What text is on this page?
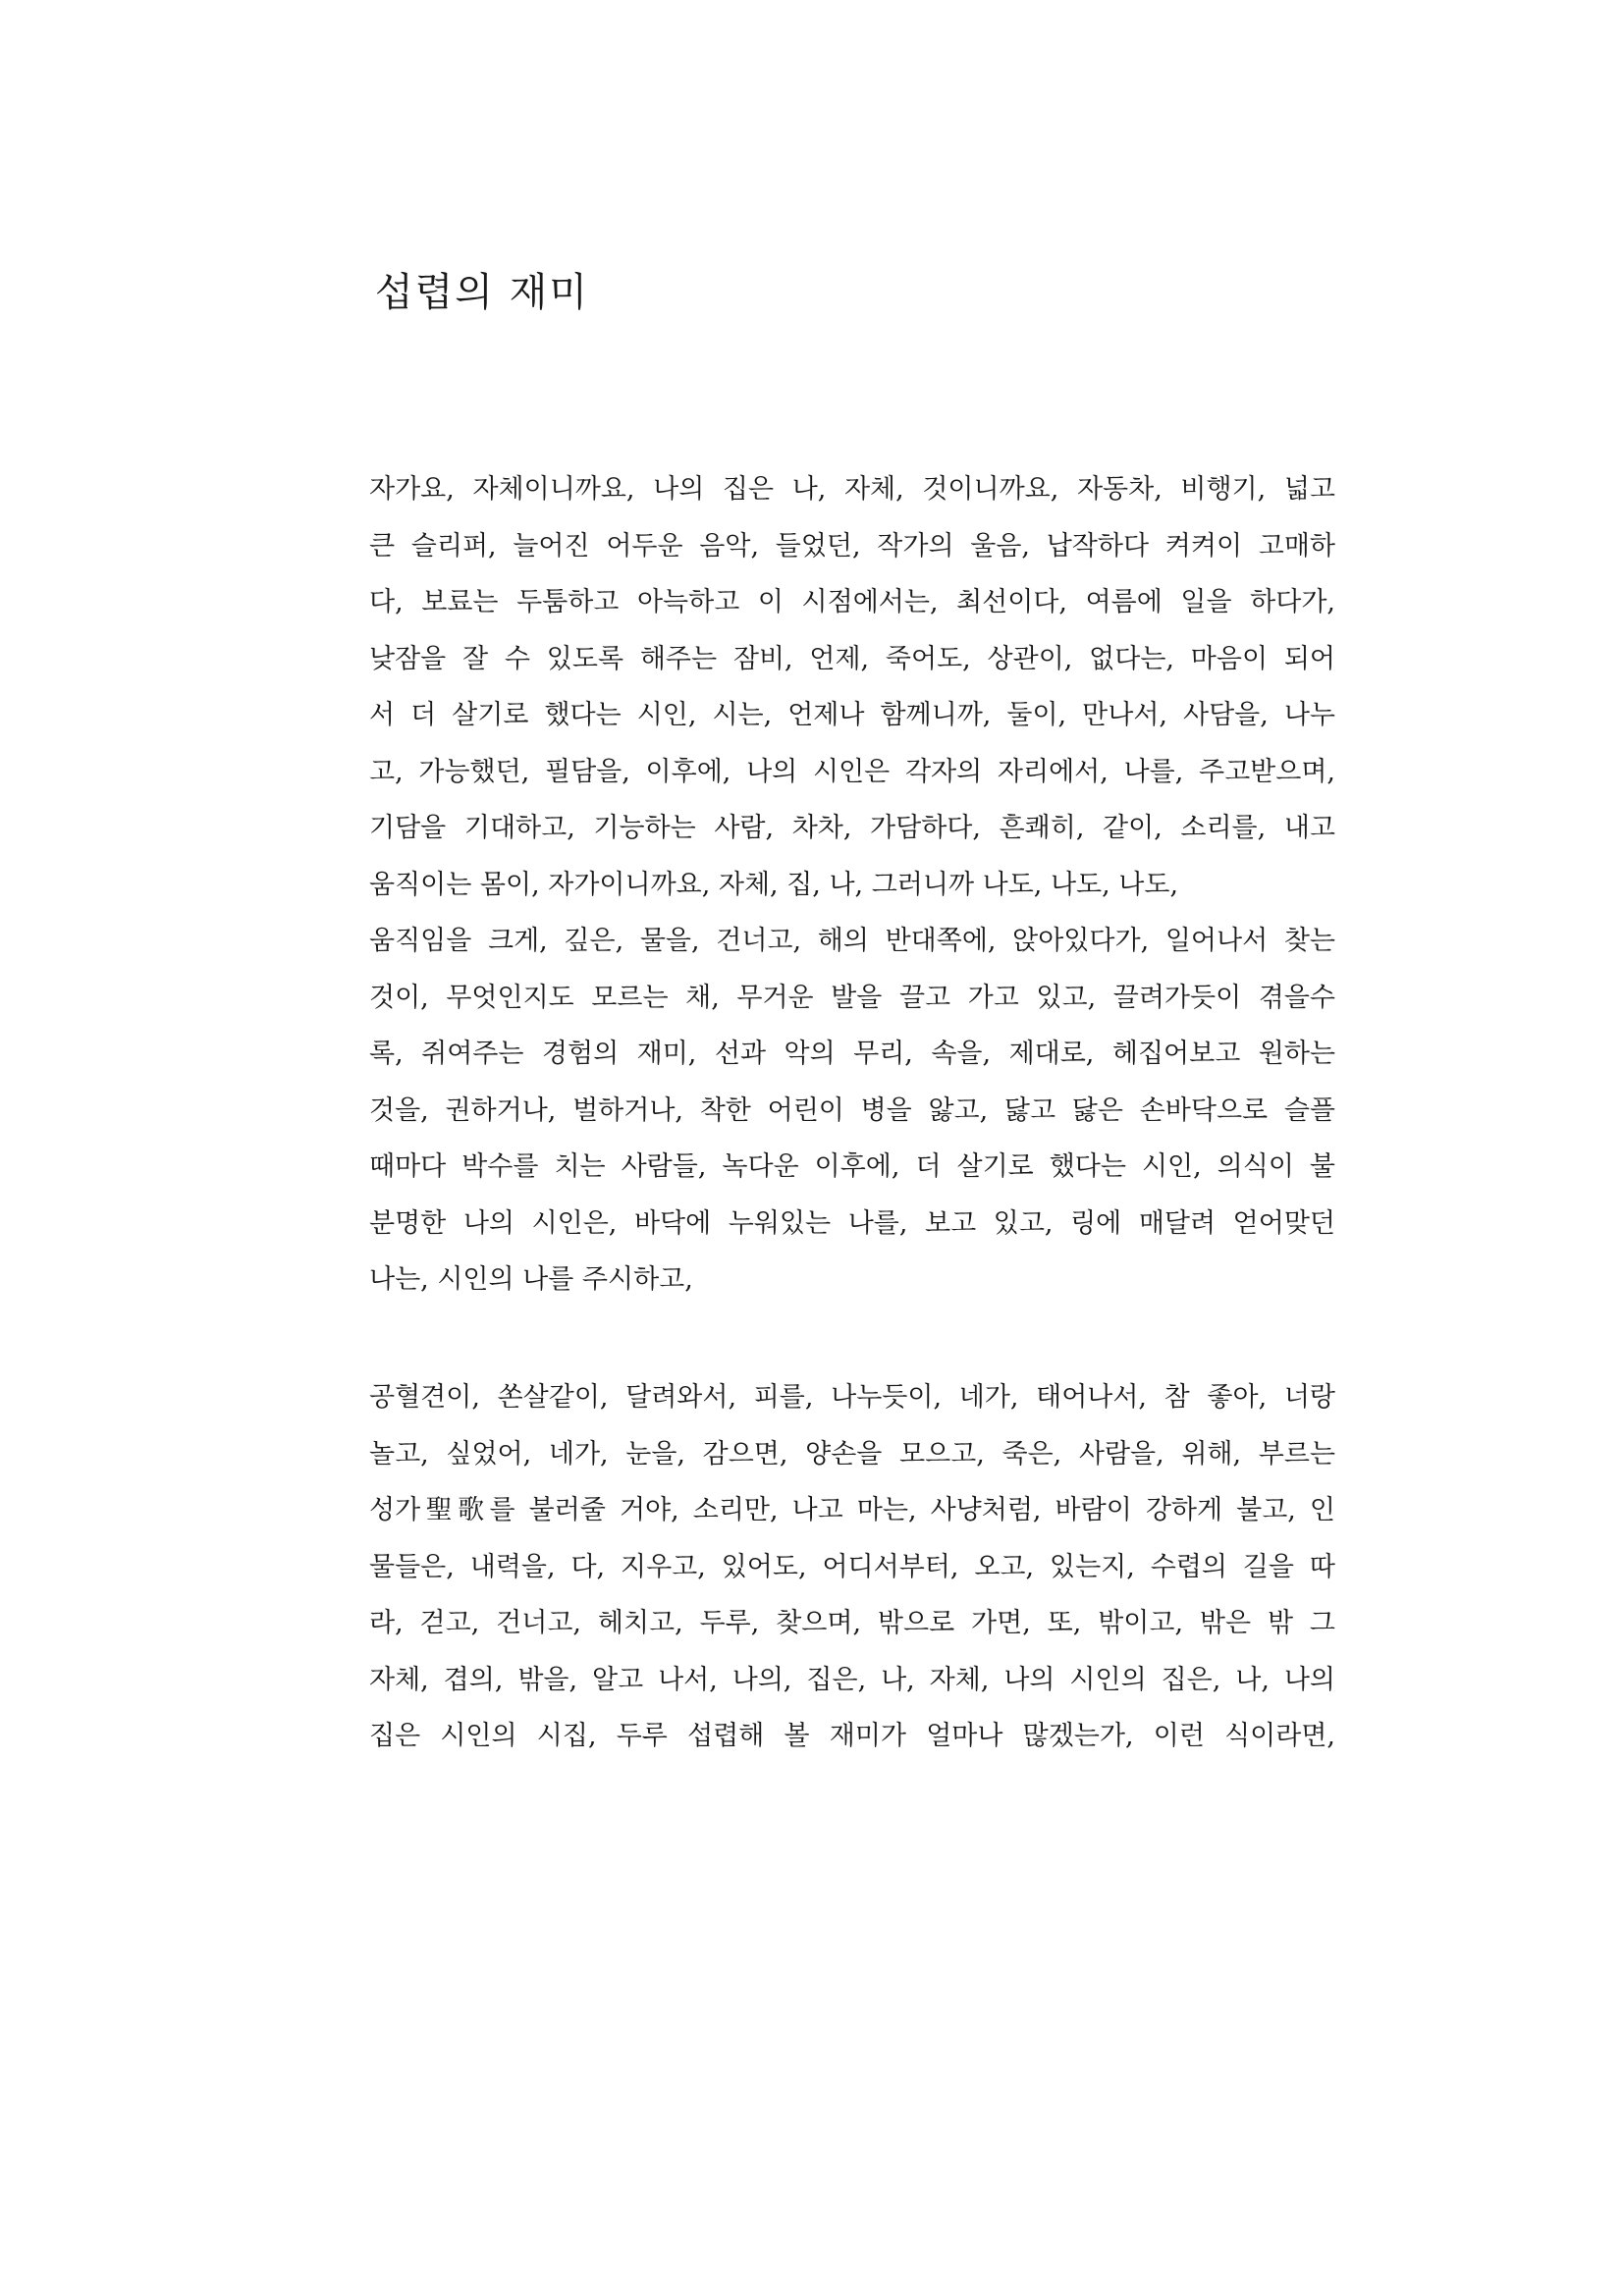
섭렵의 재미
자가요, 자체이니까요, 나의 집은 나, 자체, 것이니까요, 자동차, 비행기, 넓고
큰 슬리퍼, 늘어진 어두운 음악, 들었던, 작가의 울음, 납작하다 켜켜이 고매하
다, 보료는 두툼하고 아늑하고 이 시점에서는, 최선이다, 여름에 일을 하다가,
낮잠을 잘 수 있도록 해주는 잠비, 언제, 죽어도, 상관이, 없다는, 마음이 되어
서 더 살기로 했다는 시인, 시는, 언제나 함께니까, 둘이, 만나서, 사담을, 나누
고, 가능했던, 필담을, 이후에, 나의 시인은 각자의 자리에서, 나를, 주고받으며,
기담을 기대하고, 기능하는 사람, 차차, 가담하다, 흔쾌히, 같이, 소리를, 내고
움직이는 몸이, 자가이니까요, 자체, 집, 나, 그러니까 나도, 나도, 나도,
움직임을 크게, 깊은, 물을, 건너고, 해의 반대쪽에, 앉아있다가, 일어나서 찾는
것이, 무엇인지도 모르는 채, 무거운 발을 끌고 가고 있고, 끌려가듯이 겪을수
록, 쥐여주는 경험의 재미, 선과 악의 무리, 속을, 제대로, 헤집어보고 원하는
것을, 권하거나, 벌하거나, 착한 어린이 병을 앓고, 닳고 닳은 손바닥으로 슬플
때마다 박수를 치는 사람들, 녹다운 이후에, 더 살기로 했다는 시인, 의식이 불
분명한 나의 시인은, 바닥에 누워있는 나를, 보고 있고, 링에 매달려 얻어맞던
나는, 시인의 나를 주시하고,
공혈견이, 쏜살같이, 달려와서, 피를, 나누듯이, 네가, 태어나서, 참 좋아, 너랑
놀고, 싶었어, 네가, 눈을, 감으면, 양손을 모으고, 죽은, 사람을, 위해, 부르는
성가聖歌를 불러줄 거야, 소리만, 나고 마는, 사냥처럼, 바람이 강하게 불고, 인
물들은, 내력을, 다, 지우고, 있어도, 어디서부터, 오고, 있는지, 수렵의 길을 따
라, 걷고, 건너고, 헤치고, 두루, 찾으며, 밖으로 가면, 또, 밖이고, 밖은 밖 그
자체, 겹의, 밖을, 알고 나서, 나의, 집은, 나, 자체, 나의 시인의 집은, 나, 나의
집은 시인의 시집, 두루 섭렵해 볼 재미가 얼마나 많겠는가, 이런 식이라면,
